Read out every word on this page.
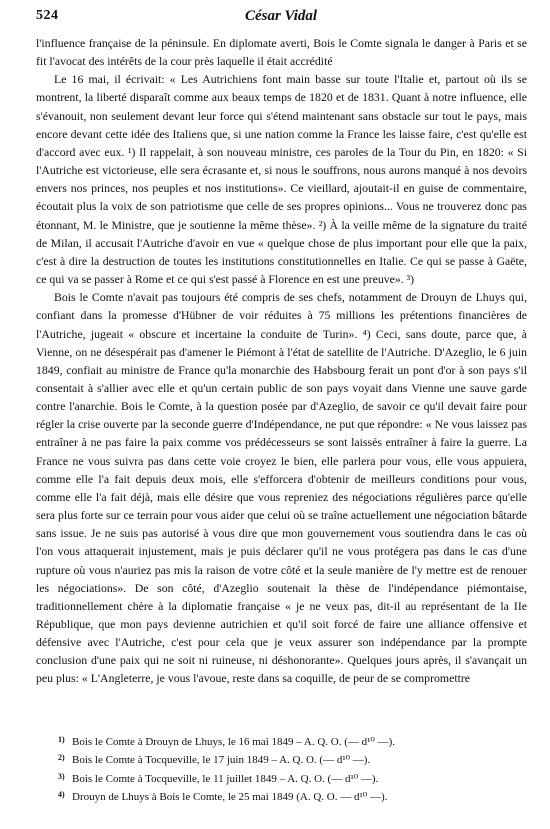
524	César Vidal

l'influence française de la péninsule. En diplomate averti, Bois le Comte signala le danger à Paris et se fit l'avocat des intérêts de la cour près laquelle il était accrédité

Le 16 mai, il écrivait: « Les Autrichiens font main basse sur toute l'Italie et, partout où ils se montrent, la liberté disparaît comme aux beaux temps de 1820 et de 1831. Quant à notre influence, elle s'évanouit, non seulement devant leur force qui s'étend maintenant sans obstacle sur tout le pays, mais encore devant cette idée des Italiens que, si une nation comme la France les laisse faire, c'est qu'elle est d'accord avec eux. ¹) Il rappelait, à son nouveau ministre, ces paroles de la Tour du Pin, en 1820: « Si l'Autriche est victorieuse, elle sera écrasante et, si nous le souffrons, nous aurons manqué à nos devoirs envers nos princes, nos peuples et nos institutions». Ce vieillard, ajoutait-il en guise de commentaire, écoutait plus la voix de son patriotisme que celle de ses propres opinions... Vous ne trouverez donc pas étonnant, M. le Ministre, que je soutienne la même thèse». ²) À la veille même de la signature du traité de Milan, il accusait l'Autriche d'avoir en vue « quelque chose de plus important pour elle que la paix, c'est à dire la destruction de toutes les institutions constitutionnelles en Italie. Ce qui se passe à Gaëte, ce qui va se passer à Rome et ce qui s'est passé à Florence en est une preuve». ³)

Bois le Comte n'avait pas toujours été compris de ses chefs, notamment de Drouyn de Lhuys qui, confiant dans la promesse d'Hübner de voir réduites à 75 millions les prétentions financières de l'Autriche, jugeait « obscure et incertaine la conduite de Turin». ⁴) Ceci, sans doute, parce que, à Vienne, on ne désespérait pas d'amener le Piémont à l'état de satellite de l'Autriche. D'Azeglio, le 6 juin 1849, confiait au ministre de France qu'la monarchie des Habsbourg ferait un pont d'or à son pays s'il consentait à s'allier avec elle et qu'un certain public de son pays voyait dans Vienne une sauve garde contre l'anarchie. Bois le Comte, à la question posée par d'Azeglio, de savoir ce qu'il devait faire pour régler la crise ouverte par la seconde guerre d'Indépendance, ne put que répondre: « Ne vous laissez pas entraîner à ne pas faire la paix comme vos prédécesseurs se sont laissés entraîner à faire la guerre. La France ne vous suivra pas dans cette voie croyez le bien, elle parlera pour vous, elle vous appuiera, comme elle l'a fait depuis deux mois, elle s'efforcera d'obtenir de meilleurs conditions pour vous, comme elle l'a fait déjà, mais elle désire que vous repreniez des négociations régulières parce qu'elle sera plus forte sur ce terrain pour vous aider que celui où se traîne actuellement une négociation bâtarde sans issue. Je ne suis pas autorisé à vous dire que mon gouvernement vous soutiendra dans le cas où l'on vous attaquerait injustement, mais je puis déclarer qu'il ne vous protégera pas dans le cas d'une rupture où vous n'auriez pas mis la raison de votre côté et la seule manière de l'y mettre est de renouer les négociations». De son côté, d'Azeglio soutenait la thèse de l'indépendance piémontaise, traditionnellement chère à la diplomatie française « je ne veux pas, dit-il au représentant de la IIe République, que mon pays devienne autrichien et qu'il soit forcé de faire une alliance offensive et défensive avec l'Autriche, c'est pour cela que je veux assurer son indépendance par la prompte conclusion d'une paix qui ne soit ni ruineuse, ni déshonorante». Quelques jours après, il s'avançait un peu plus: « L'Angleterre, je vous l'avoue, reste dans sa coquille, de peur de se compromettre

1) Bois le Comte à Drouyn de Lhuys, le 16 mai 1849 – A. Q. O. (— d¹⁰ —).
2) Bois le Comte à Tocqueville, le 17 juin 1849 – A. Q. O. (— d¹⁰ —).
3) Bois le Comte à Tocqueville, le 11 juillet 1849 – A. Q. O. (— d¹⁰ —).
4) Drouyn de Lhuys à Bois le Comte, le 25 mai 1849 (A. Q. O. — d¹⁰ —).
